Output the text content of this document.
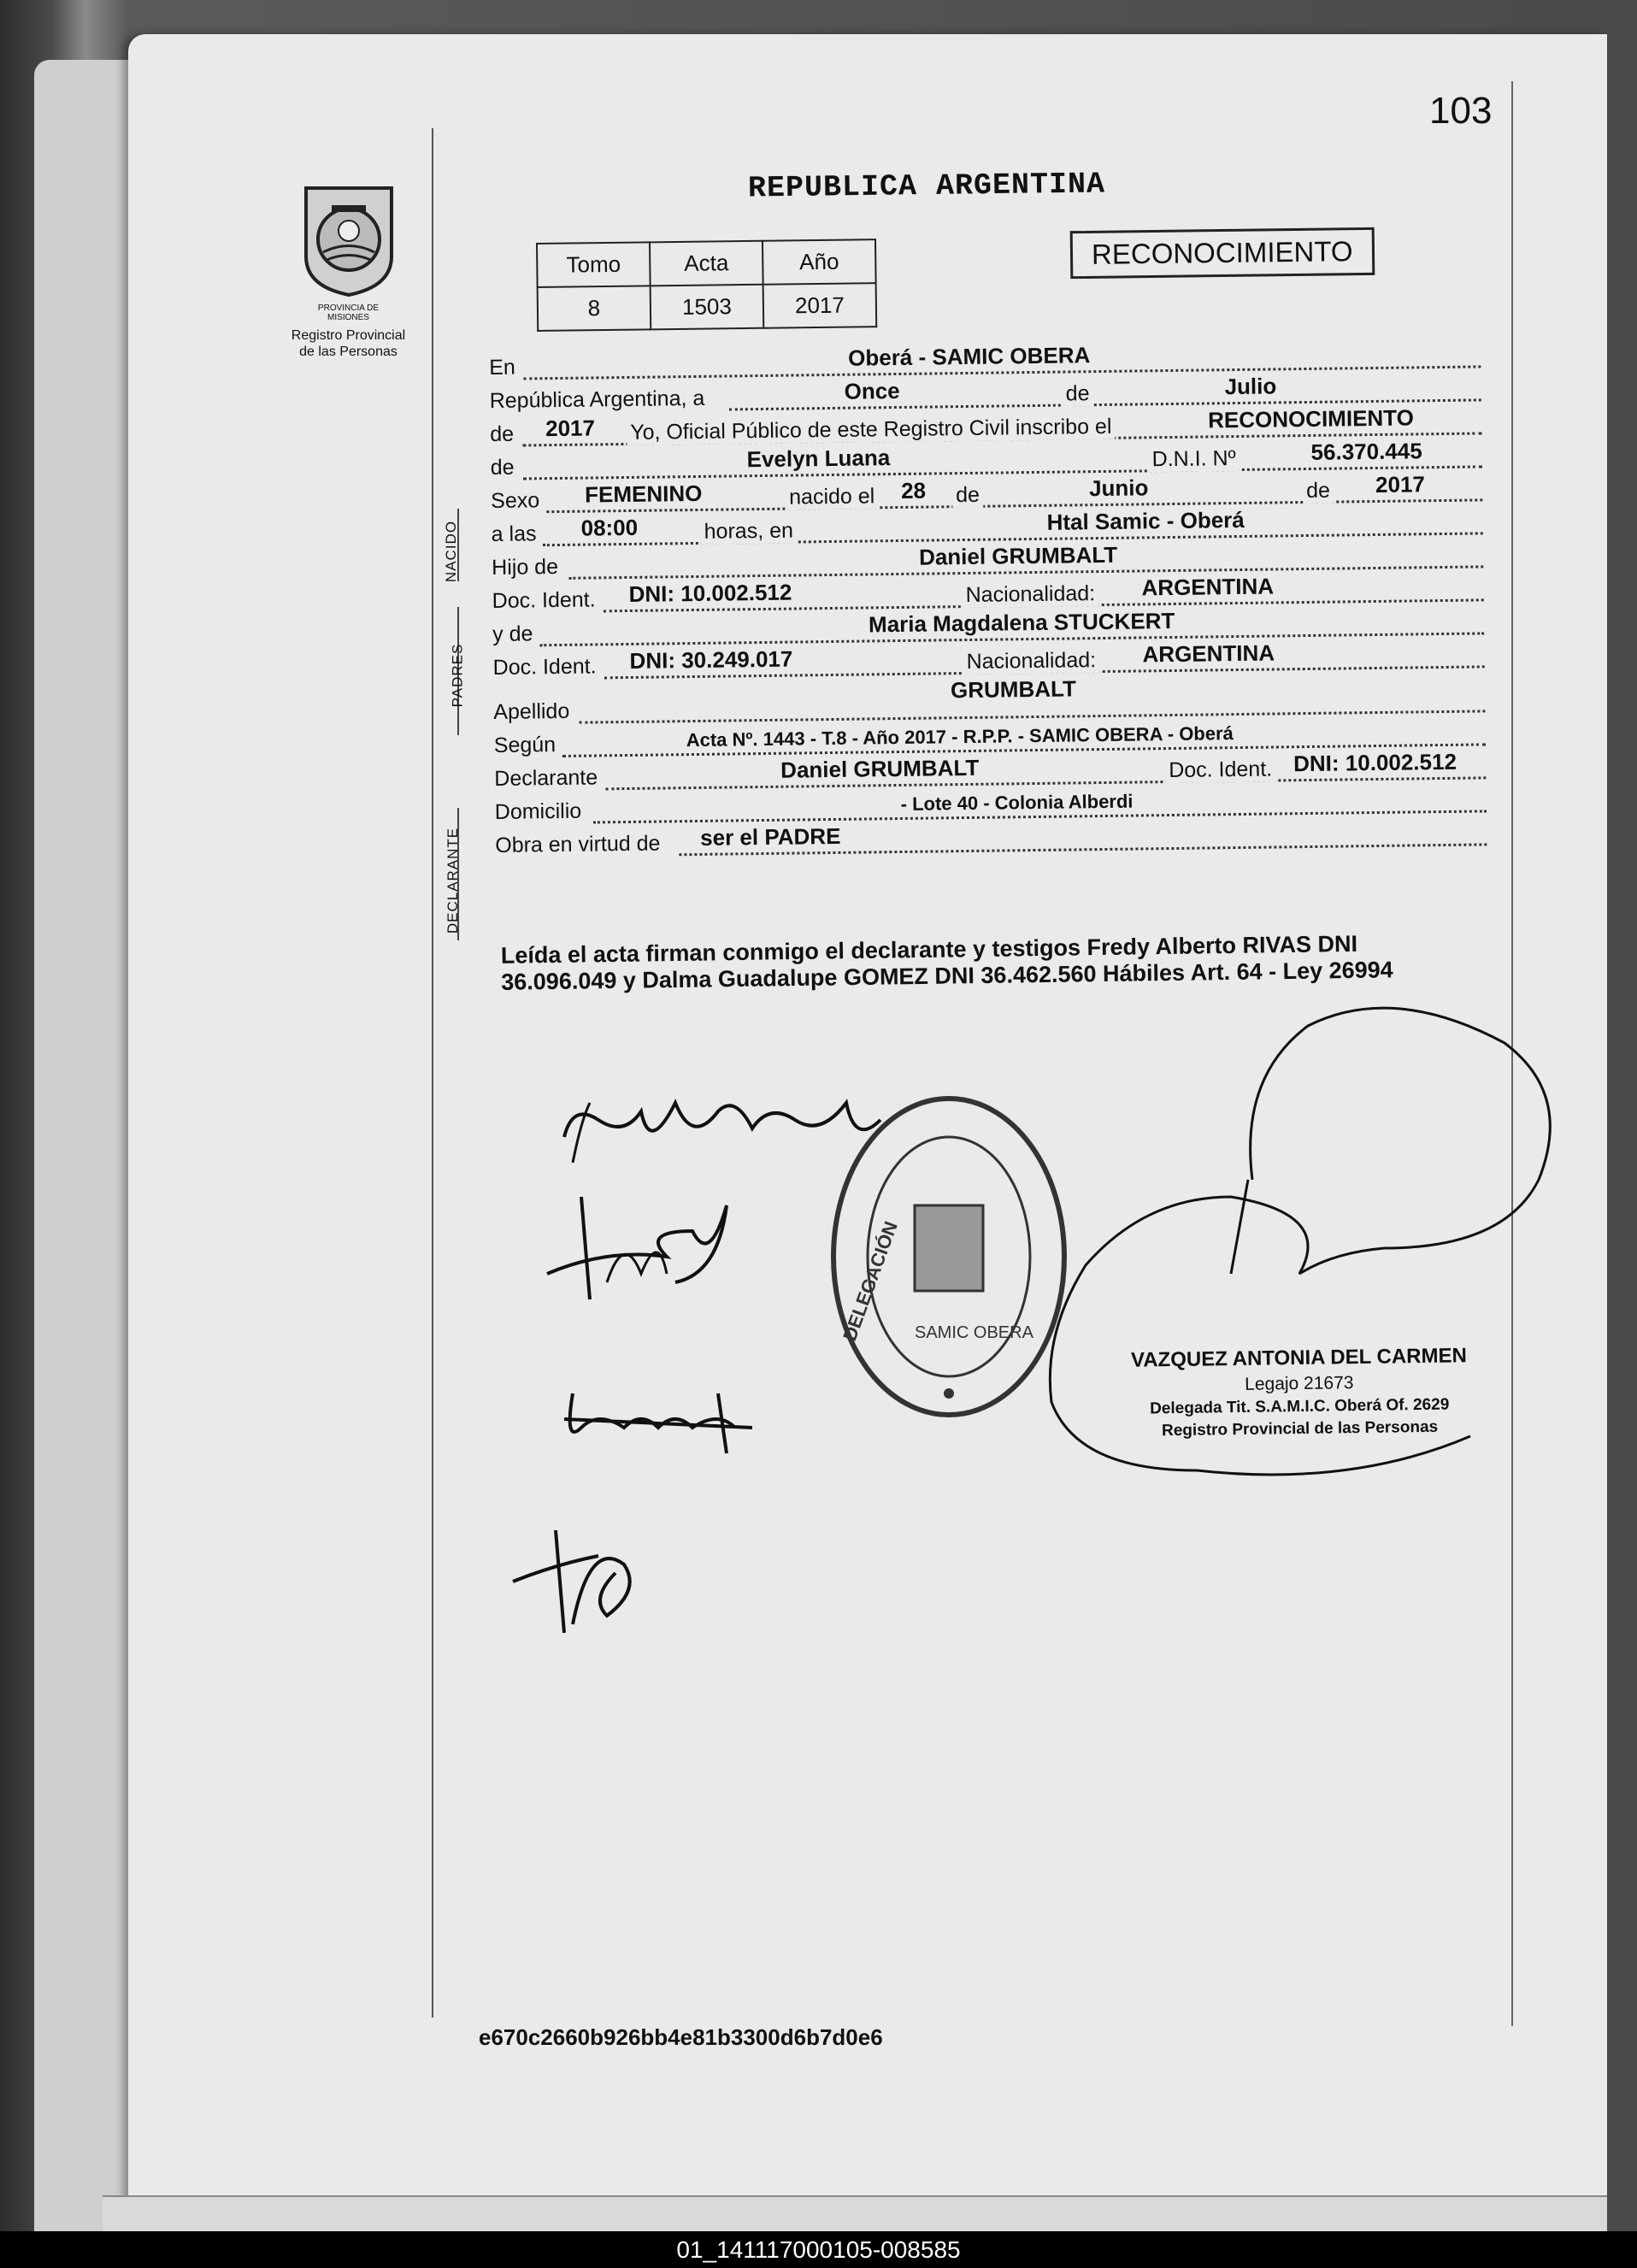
103
REPUBLICA ARGENTINA
PROVINCIA DE
MISIONES
Registro Provincial
de las Personas
Tomo	Acta	Año
8	1503	2017
RECONOCIMIENTO
NACIDO
PADRES
DECLARANTE
En	Oberá - SAMIC OBERA
República Argentina, a	Once	de	Julio
de 2017 Yo, Oficial Público de este Registro Civil inscribo el	RECONOCIMIENTO
de	Evelyn Luana	D.N.I. Nº	56.370.445
Sexo FEMENINO	nacido el 28 de	Junio	de 2017
a las 08:00	horas, en	Htal Samic - Oberá
Hijo de	Daniel GRUMBALT
Doc. Ident. DNI: 10.002.512	Nacionalidad: ARGENTINA
y de	Maria Magdalena STUCKERT
Doc. Ident. DNI: 30.249.017	Nacionalidad: ARGENTINA
Apellido
GRUMBALT
Según	Acta Nº. 1443 - T.8 - Año 2017 - R.P.P. - SAMIC OBERA - Oberá
Declarante	Daniel GRUMBALT	Doc. Ident. DNI: 10.002.512
Domicilio	- Lote 40 - Colonia Alberdi
Obra en virtud de ser el PADRE
Leída el acta firman conmigo el declarante y testigos Fredy Alberto RIVAS DNI 36.096.049 y Dalma Guadalupe GOMEZ DNI 36.462.560 Hábiles Art. 64 - Ley 26994
DELEGACIÓN SAMIC OBERA
VAZQUEZ ANTONIA DEL CARMEN
Legajo 21673
Delegada Tit. S.A.M.I.C. Oberá Of. 2629
Registro Provincial de las Personas
e670c2660b926bb4e81b3300d6b7d0e6
01_141117000105-008585
